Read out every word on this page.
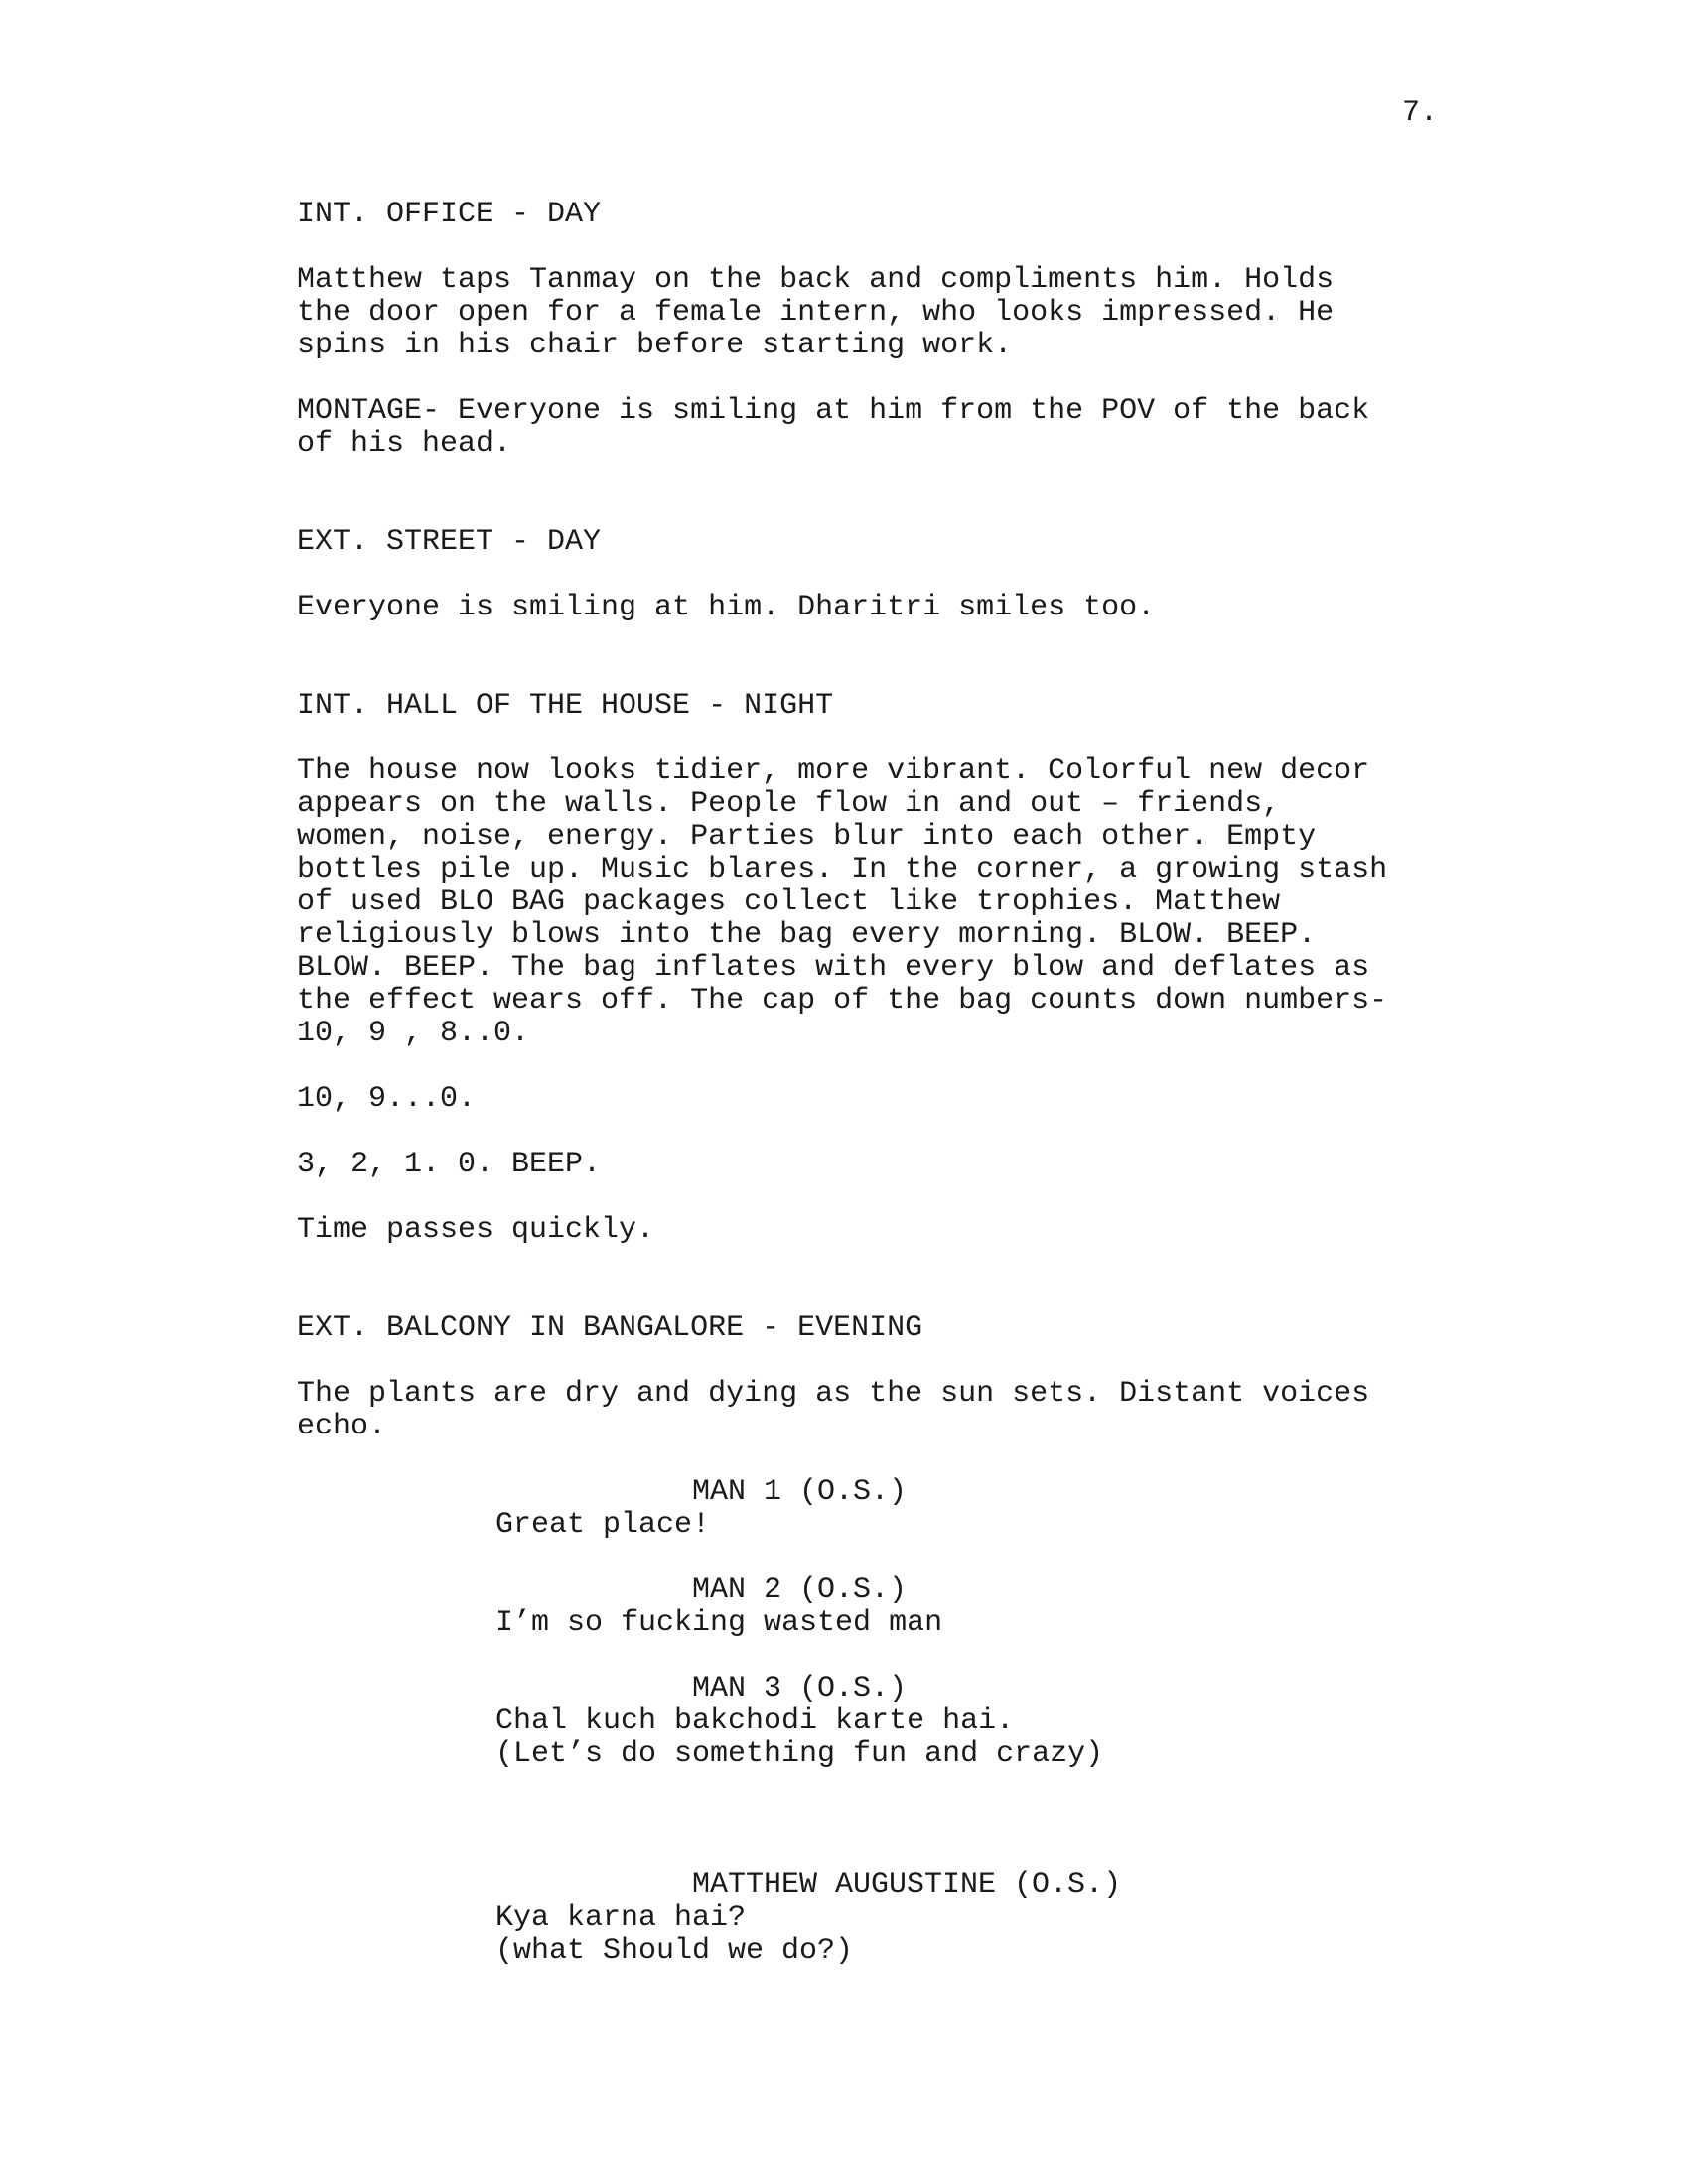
7.
INT. OFFICE - DAY
Matthew taps Tanmay on the back and compliments him. Holds
the door open for a female intern, who looks impressed. He
spins in his chair before starting work.
MONTAGE- Everyone is smiling at him from the POV of the back
of his head.
EXT. STREET - DAY
Everyone is smiling at him. Dharitri smiles too.
INT. HALL OF THE HOUSE - NIGHT
The house now looks tidier, more vibrant. Colorful new decor
appears on the walls. People flow in and out – friends,
women, noise, energy. Parties blur into each other. Empty
bottles pile up. Music blares. In the corner, a growing stash
of used BLO BAG packages collect like trophies. Matthew
religiously blows into the bag every morning. BLOW. BEEP.
BLOW. BEEP. The bag inflates with every blow and deflates as
the effect wears off. The cap of the bag counts down numbers-
10, 9 , 8..0.
10, 9...0.
3, 2, 1. 0. BEEP.
Time passes quickly.
EXT. BALCONY IN BANGALORE - EVENING
The plants are dry and dying as the sun sets. Distant voices
echo.
MAN 1 (O.S.)
Great place!
MAN 2 (O.S.)
I’m so fucking wasted man
MAN 3 (O.S.)
Chal kuch bakchodi karte hai.
(Let’s do something fun and crazy)
MATTHEW AUGUSTINE (O.S.)
Kya karna hai?
(what Should we do?)
